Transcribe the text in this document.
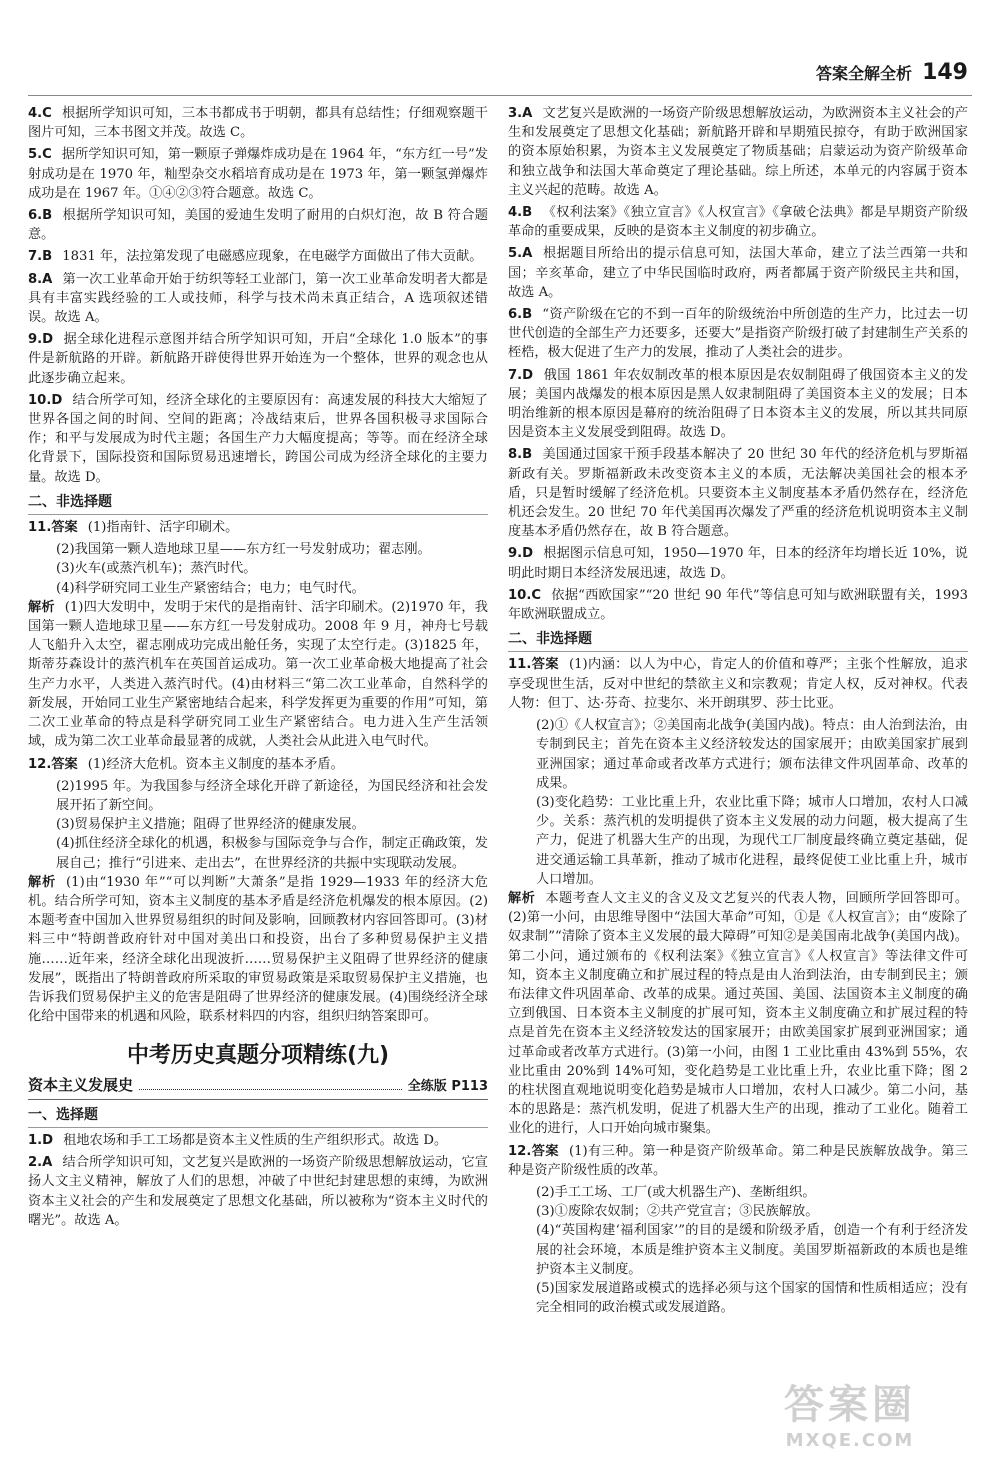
答案全解全析 149

4.C 根据所学知识可知，三本书都成书于明朝，都具有总结性；仔细观察题干图片可知，三本书图文并茂。故选 C。

5.C 据所学知识可知，第一颗原子弹爆炸成功是在 1964 年，“东方红一号”发射成功是在 1970 年，籼型杂交水稻培育成功是在 1973 年，第一颗氢弹爆炸成功是在 1967 年。①④②③符合题意。故选 C。

6.B 根据所学知识可知，美国的爱迪生发明了耐用的白炽灯泡，故 B 符合题意。

7.B 1831 年，法拉第发现了电磁感应现象，在电磁学方面做出了伟大贡献。

8.A 第一次工业革命开始于纺织等轻工业部门，第一次工业革命发明者大都是具有丰富实践经验的工人或技师，科学与技术尚未真正结合，A 选项叙述错误。故选 A。

9.D 据全球化进程示意图并结合所学知识可知，开启“全球化 1.0 版本”的事件是新航路的开辟。新航路开辟使得世界开始连为一个整体，世界的观念也从此逐步确立起来。

10.D 结合所学可知，经济全球化的主要原因有：高速发展的科技大大缩短了世界各国之间的时间、空间的距离；冷战结束后，世界各国积极寻求国际合作；和平与发展成为时代主题；各国生产力大幅度提高；等等。而在经济全球化背景下，国际投资和国际贸易迅速增长，跨国公司成为经济全球化的主要力量。故选 D。

二、非选择题

11.答案 (1)指南针、活字印刷术。

(2)我国第一颗人造地球卫星——东方红一号发射成功；翟志刚。

(3)火车(或蒸汽机车)；蒸汽时代。

(4)科学研究同工业生产紧密结合；电力；电气时代。

解析 (1)四大发明中，发明于宋代的是指南针、活字印刷术。(2)1970 年，我国第一颗人造地球卫星——东方红一号发射成功。2008 年 9 月，神舟七号载人飞船升入太空，翟志刚成功完成出舱任务，实现了太空行走。(3)1825 年，斯蒂芬森设计的蒸汽机车在英国首运成功。第一次工业革命极大地提高了社会生产力水平，人类进入蒸汽时代。(4)由材料三“第二次工业革命，自然科学的新发展，开始同工业生产紧密地结合起来，科学发挥更为重要的作用”可知，第二次工业革命的特点是科学研究同工业生产紧密结合。电力进入生产生活领域，成为第二次工业革命最显著的成就，人类社会从此进入电气时代。

12.答案 (1)经济大危机。资本主义制度的基本矛盾。

(2)1995 年。为我国参与经济全球化开辟了新途径，为国民经济和社会发展开拓了新空间。

(3)贸易保护主义措施；阻碍了世界经济的健康发展。

(4)抓住经济全球化的机遇，积极参与国际竞争与合作，制定正确政策，发展自己；推行“引进来、走出去”，在世界经济的共振中实现联动发展。

解析 (1)由“1930 年”“可以判断”大萧条”是指 1929—1933 年的经济大危机。结合所学可知，资本主义制度的基本矛盾是经济危机爆发的根本原因。(2)本题考查中国加入世界贸易组织的时间及影响，回顾教材内容回答即可。(3)材料三中“特朗普政府针对中国对美出口和投资，出台了多种贸易保护主义措施……近年来，经济全球化出现波折……贸易保护主义阻碍了世界经济的健康发展”，既指出了特朗普政府所采取的审贸易政策是采取贸易保护主义措施，也告诉我们贸易保护主义的危害是阻碍了世界经济的健康发展。(4)围绕经济全球化给中国带来的机遇和风险，联系材料四的内容，组织归纳答案即可。

中考历史真题分项精练(九)
资本主义发展史	全练版 P113
一、选择题

1.D 租地农场和手工工场都是资本主义性质的生产组织形式。故选 D。

2.A 结合所学知识可知，文艺复兴是欧洲的一场资产阶级思想解放运动，它宣扬人文主义精神，解放了人们的思想，冲破了中世纪封建思想的束缚，为欧洲资本主义社会的产生和发展奠定了思想文化基础，所以被称为“资本主义时代的曙光”。故选 A。

3.A 文艺复兴是欧洲的一场资产阶级思想解放运动，为欧洲资本主义社会的产生和发展奠定了思想文化基础；新航路开辟和早期殖民掠夺，有助于欧洲国家的资本原始积累，为资本主义发展奠定了物质基础；启蒙运动为资产阶级革命和独立战争和法国大革命奠定了理论基础。综上所述，本单元的内容属于资本主义兴起的范畴。故选 A。

4.B 《权利法案》《独立宣言》《人权宣言》《拿破仑法典》都是早期资产阶级革命的重要成果，反映的是资本主义制度的初步确立。

5.A 根据题目所给出的提示信息可知，法国大革命，建立了法兰西第一共和国；辛亥革命，建立了中华民国临时政府，两者都属于资产阶级民主共和国，故选 A。

6.B “资产阶级在它的不到一百年的阶级统治中所创造的生产力，比过去一切世代创造的全部生产力还要多，还要大”是指资产阶级打破了封建制生产关系的桎梏，极大促进了生产力的发展，推动了人类社会的进步。

7.D 俄国 1861 年农奴制改革的根本原因是农奴制阻碍了俄国资本主义的发展；美国内战爆发的根本原因是黑人奴隶制阻碍了美国资本主义的发展；日本明治维新的根本原因是幕府的统治阻碍了日本资本主义的发展，所以其共同原因是资本主义发展受到阻碍。故选 D。

8.B 美国通过国家干预手段基本解决了 20 世纪 30 年代的经济危机与罗斯福新政有关。罗斯福新政未改变资本主义的本质，无法解决美国社会的根本矛盾，只是暂时缓解了经济危机。只要资本主义制度基本矛盾仍然存在，经济危机还会发生。20 世纪 70 年代美国再次爆发了严重的经济危机说明资本主义制度基本矛盾仍然存在，故 B 符合题意。

9.D 根据图示信息可知，1950—1970 年，日本的经济年均增长近 10%，说明此时期日本经济发展迅速，故选 D。

10.C 依据“西欧国家”“20 世纪 90 年代”等信息可知与欧洲联盟有关，1993 年欧洲联盟成立。

二、非选择题

11.答案 (1)内涵：以人为中心，肯定人的价值和尊严；主张个性解放，追求享受现世生活，反对中世纪的禁欲主义和宗教观；肯定人权，反对神权。代表人物：但丁、达·芬奇、拉斐尔、米开朗琪罗、莎士比亚。

(2)①《人权宣言》；②美国南北战争(美国内战)。特点：由人治到法治，由专制到民主；首先在资本主义经济较发达的国家展开；由欧美国家扩展到亚洲国家；通过革命或者改革方式进行；颁布法律文件巩固革命、改革的成果。

(3)变化趋势：工业比重上升，农业比重下降；城市人口增加，农村人口减少。关系：蒸汽机的发明提供了资本主义发展的动力问题，极大提高了生产力，促进了机器大生产的出现，为现代工厂制度最终确立奠定基础，促进交通运输工具革新，推动了城市化进程，最终促使工业比重上升，城市人口增加。

解析 本题考查人文主义的含义及文艺复兴的代表人物，回顾所学回答即可。(2)第一小问，由思维导图中“法国大革命”可知，①是《人权宣言》；由“废除了奴隶制”“清除了资本主义发展的最大障碍”可知②是美国南北战争(美国内战)。第二小问，通过颁布的《权利法案》《独立宣言》《人权宣言》等法律文件可知，资本主义制度确立和扩展过程的特点是由人治到法治，由专制到民主；颁布法律文件巩固革命、改革的成果。通过英国、美国、法国资本主义制度的确立到俄国、日本资本主义制度的扩展可知，资本主义制度确立和扩展过程的特点是首先在资本主义经济较发达的国家展开；由欧美国家扩展到亚洲国家；通过革命或者改革方式进行。(3)第一小问，由图 1 工业比重由 43%到 55%，农业比重由 20%到 14%可知，变化趋势是工业比重上升，农业比重下降；图 2 的柱状图直观地说明变化趋势是城市人口增加，农村人口减少。第二小问，基本的思路是：蒸汽机发明，促进了机器大生产的出现，推动了工业化。随着工业化的进行，人口开始向城市聚集。

12.答案 (1)有三种。第一种是资产阶级革命。第二种是民族解放战争。第三种是资产阶级性质的改革。

(2)手工工场、工厂(或大机器生产)、垄断组织。

(3)①废除农奴制；②共产党宣言；③民族解放。

(4)“英国构建‘福利国家’”的目的是缓和阶级矛盾，创造一个有利于经济发展的社会环境，本质是维护资本主义制度。美国罗斯福新政的本质也是维护资本主义制度。

(5)国家发展道路或模式的选择必须与这个国家的国情和性质相适应；没有完全相同的政治模式或发展道路。

答案圈
MXQE.COM
